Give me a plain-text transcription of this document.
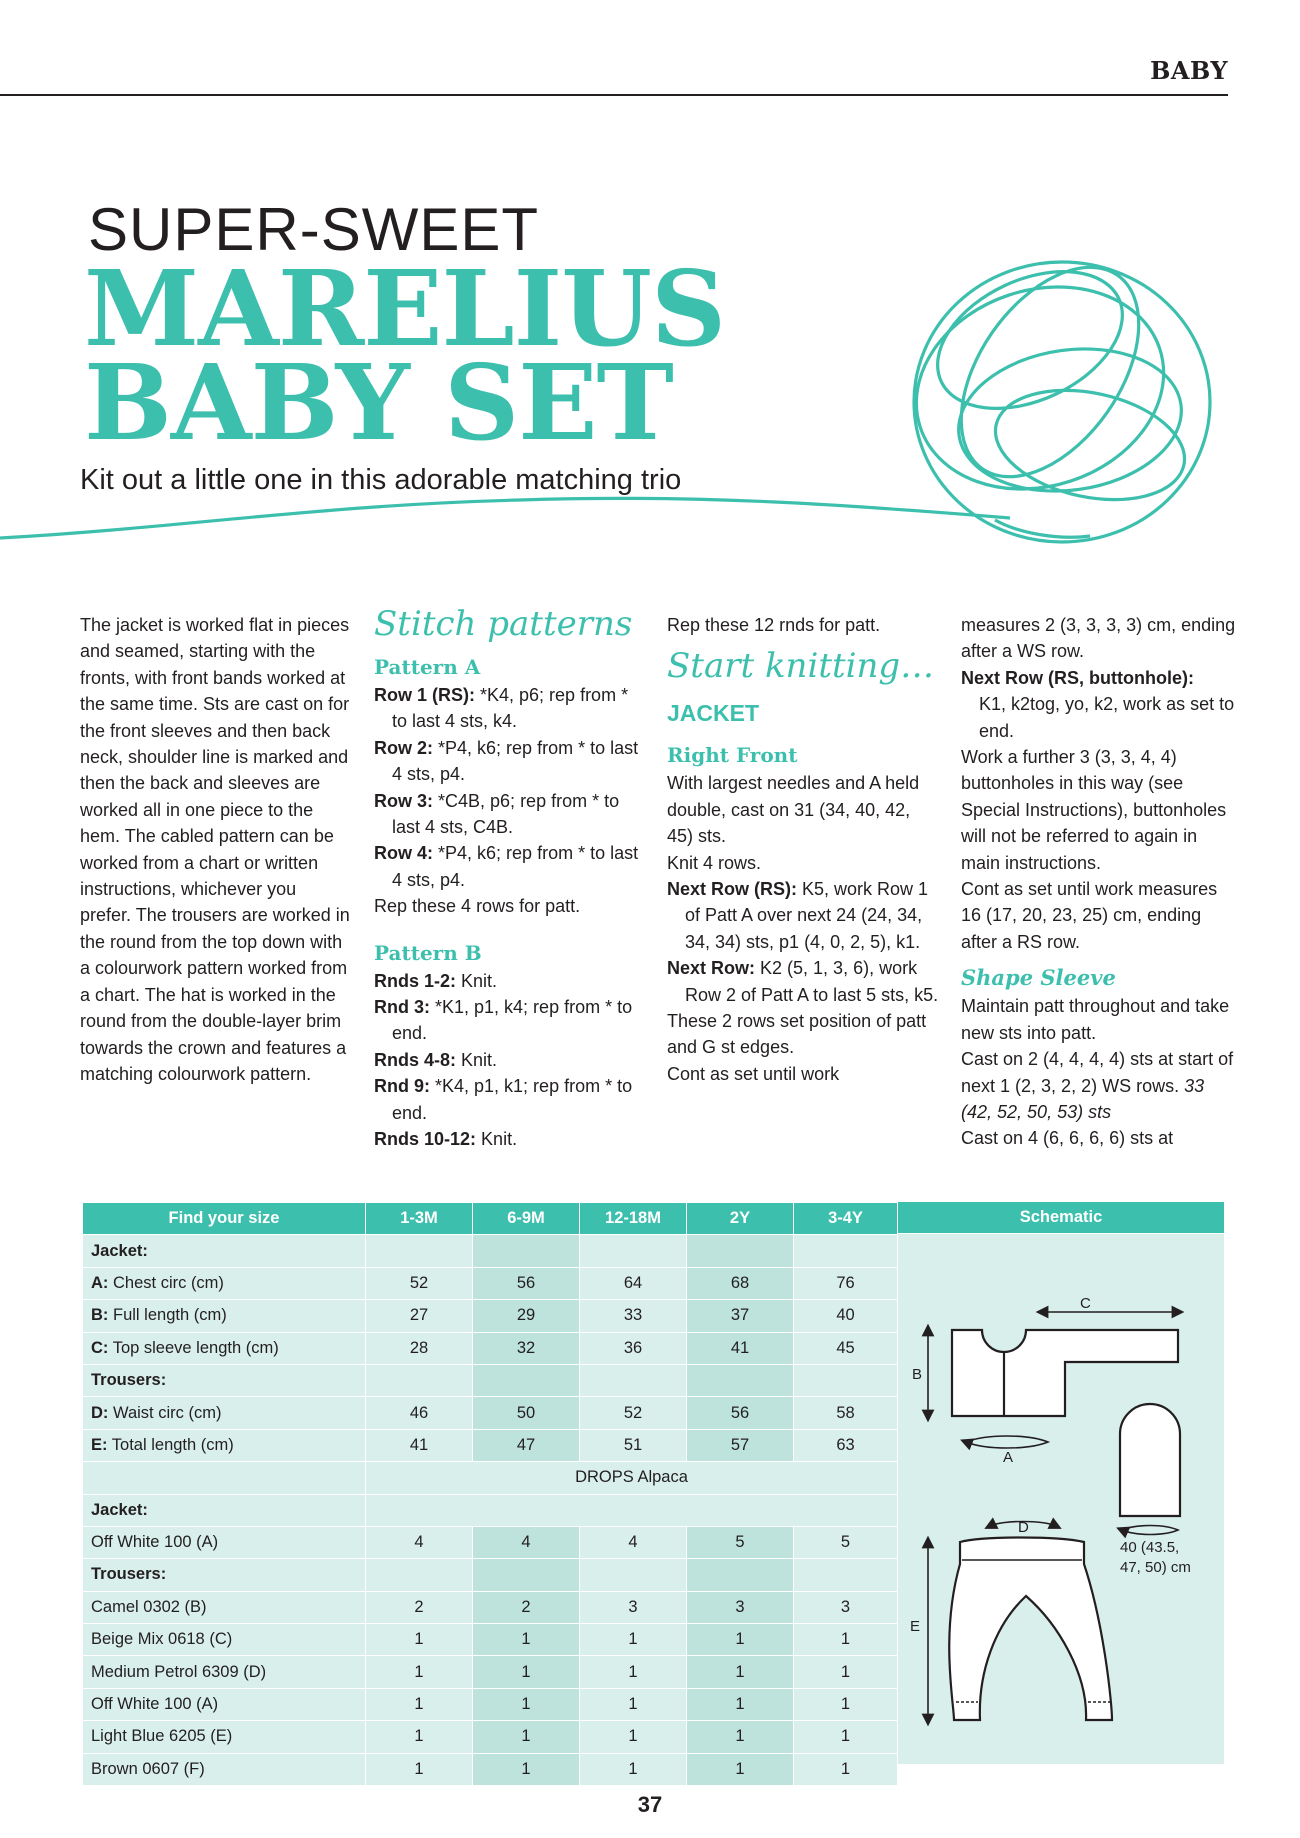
BABY
SUPER-SWEET
MARELIUS
BABY SET
Kit out a little one in this adorable matching trio

The jacket is worked flat in pieces and seamed, starting with the fronts, with front bands worked at the same time. Sts are cast on for the front sleeves and then back neck, shoulder line is marked and then the back and sleeves are worked all in one piece to the hem. The cabled pattern can be worked from a chart or written instructions, whichever you prefer. The trousers are worked in the round from the top down with a colourwork pattern worked from a chart. The hat is worked in the round from the double-layer brim towards the crown and features a matching colourwork pattern.

Stitch patterns
Pattern A

Row 1 (RS): *K4, p6; rep from * to last 4 sts, k4.

Row 2: *P4, k6; rep from * to last 4 sts, p4.

Row 3: *C4B, p6; rep from * to last 4 sts, C4B.

Row 4: *P4, k6; rep from * to last 4 sts, p4.

Rep these 4 rows for patt.

Pattern B

Rnds 1-2: Knit.

Rnd 3: *K1, p1, k4; rep from * to end.

Rnds 4-8: Knit.

Rnd 9: *K4, p1, k1; rep from * to end.

Rnds 10-12: Knit.

Rep these 12 rnds for patt.

Start knitting…
JACKET
Right Front

With largest needles and A held double, cast on 31 (34, 40, 42, 45) sts.

Knit 4 rows.

Next Row (RS): K5, work Row 1 of Patt A over next 24 (24, 34, 34, 34) sts, p1 (4, 0, 2, 5), k1.

Next Row: K2 (5, 1, 3, 6), work Row 2 of Patt A to last 5 sts, k5.

These 2 rows set position of patt and G st edges.

Cont as set until work

measures 2 (3, 3, 3, 3) cm, ending after a WS row.

Next Row (RS, buttonhole):

K1, k2tog, yo, k2, work as set to end.

Work a further 3 (3, 3, 4, 4) buttonholes in this way (see Special Instructions), buttonholes will not be referred to again in main instructions.

Cont as set until work measures 16 (17, 20, 23, 25) cm, ending after a RS row.

Shape Sleeve

Maintain patt throughout and take new sts into patt.

Cast on 2 (4, 4, 4, 4) sts at start of next 1 (2, 3, 2, 2) WS rows. 33 (42, 52, 50, 53) sts

Cast on 4 (6, 6, 6, 6) sts at

Find your size	1-3M	6-9M	12-18M	2Y	3-4Y
Jacket:					
A: Chest circ (cm)	52	56	64	68	76
B: Full length (cm)	27	29	33	37	40
C: Top sleeve length (cm)	28	32	36	41	45
Trousers:					
D: Waist circ (cm)	46	50	52	56	58
E: Total length (cm)	41	47	51	57	63
	DROPS Alpaca				
Jacket:					
Off White 100 (A)	4	4	4	5	5
Trousers:					
Camel 0302 (B)	2	2	3	3	3
Beige Mix 0618 (C)	1	1	1	1	1
Medium Petrol 6309 (D)	1	1	1	1	1
Off White 100 (A)	1	1	1	1	1
Light Blue 6205 (E)	1	1	1	1	1
Brown 0607 (F)	1	1	1	1	1
Schematic
C
B
A
D
E
40 (43.5,
47, 50) cm
37
